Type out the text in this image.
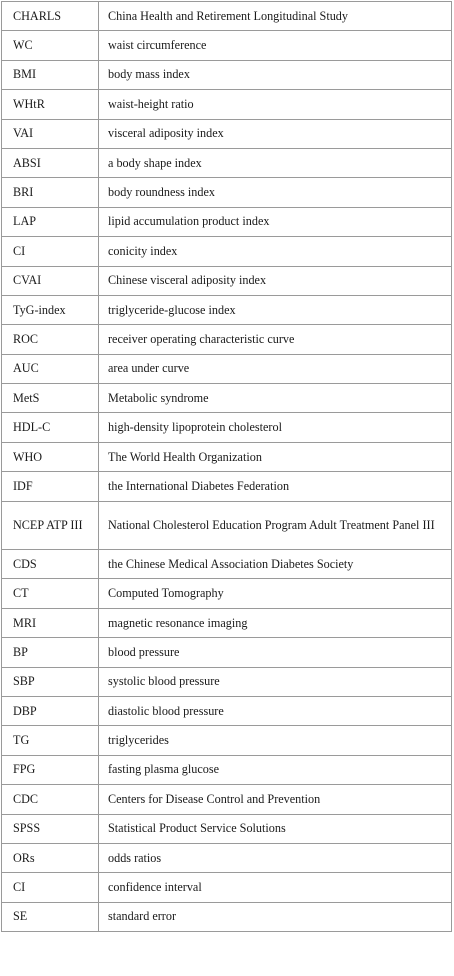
CHARLS	China Health and Retirement Longitudinal Study
WC	waist circumference
BMI	body mass index
WHtR	waist-height ratio
VAI	visceral adiposity index
ABSI	a body shape index
BRI	body roundness index
LAP	lipid accumulation product index
CI	conicity index
CVAI	Chinese visceral adiposity index
TyG-index	triglyceride-glucose index
ROC	receiver operating characteristic curve
AUC	area under curve
MetS	Metabolic syndrome
HDL-C	high-density lipoprotein cholesterol
WHO	The World Health Organization
IDF	the International Diabetes Federation
NCEP ATP III	National Cholesterol Education Program Adult Treatment Panel III
CDS	the Chinese Medical Association Diabetes Society
CT	Computed Tomography
MRI	magnetic resonance imaging
BP	blood pressure
SBP	systolic blood pressure
DBP	diastolic blood pressure
TG	triglycerides
FPG	fasting plasma glucose
CDC	Centers for Disease Control and Prevention
SPSS	Statistical Product Service Solutions
ORs	odds ratios
CI	confidence interval
SE	standard error
